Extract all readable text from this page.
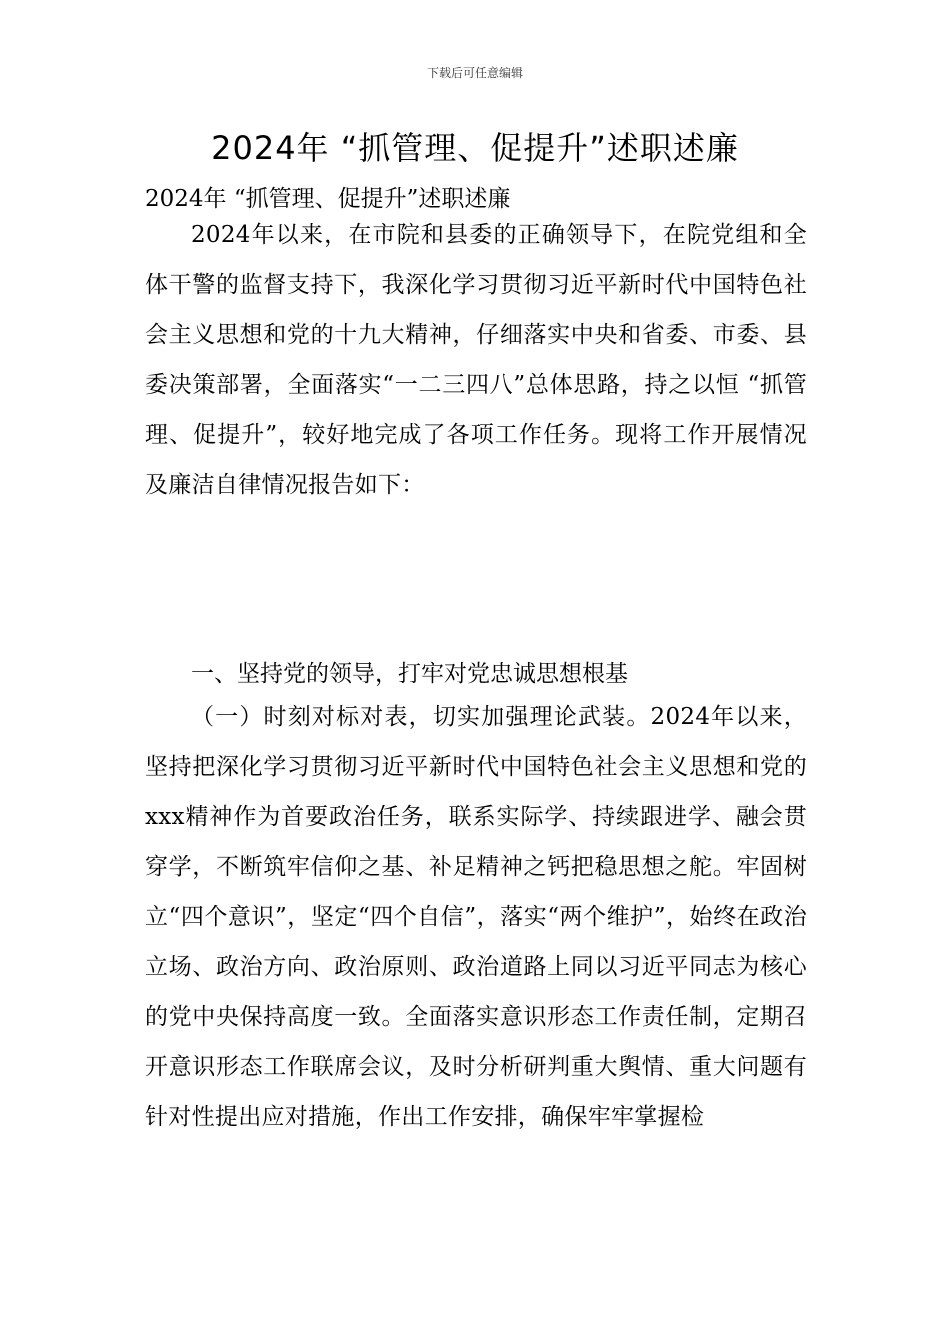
下载后可任意编辑
2024年 “抓管理、促提升”述职述廉

2024年 “抓管理、促提升”述职述廉

2024年以来，在市院和县委的正确领导下，在院党组和全体干警的监督支持下，我深化学习贯彻习近平新时代中国特色社会主义思想和党的十九大精神，仔细落实中央和省委、市委、县委决策部署，全面落实“一二三四八”总体思路，持之以恒 “抓管理、促提升”，较好地完成了各项工作任务。现将工作开展情况及廉洁自律情况报告如下：

一、坚持党的领导，打牢对党忠诚思想根基

（一）时刻对标对表，切实加强理论武装。2024年以来，坚持把深化学习贯彻习近平新时代中国特色社会主义思想和党的xxx精神作为首要政治任务，联系实际学、持续跟进学、融会贯穿学，不断筑牢信仰之基、补足精神之钙把稳思想之舵。牢固树立“四个意识”，坚定“四个自信”，落实“两个维护”，始终在政治立场、政治方向、政治原则、政治道路上同以习近平同志为核心的党中央保持高度一致。全面落实意识形态工作责任制，定期召开意识形态工作联席会议，及时分析研判重大舆情、重大问题有针对性提出应对措施，作出工作安排，确保牢牢掌握检
